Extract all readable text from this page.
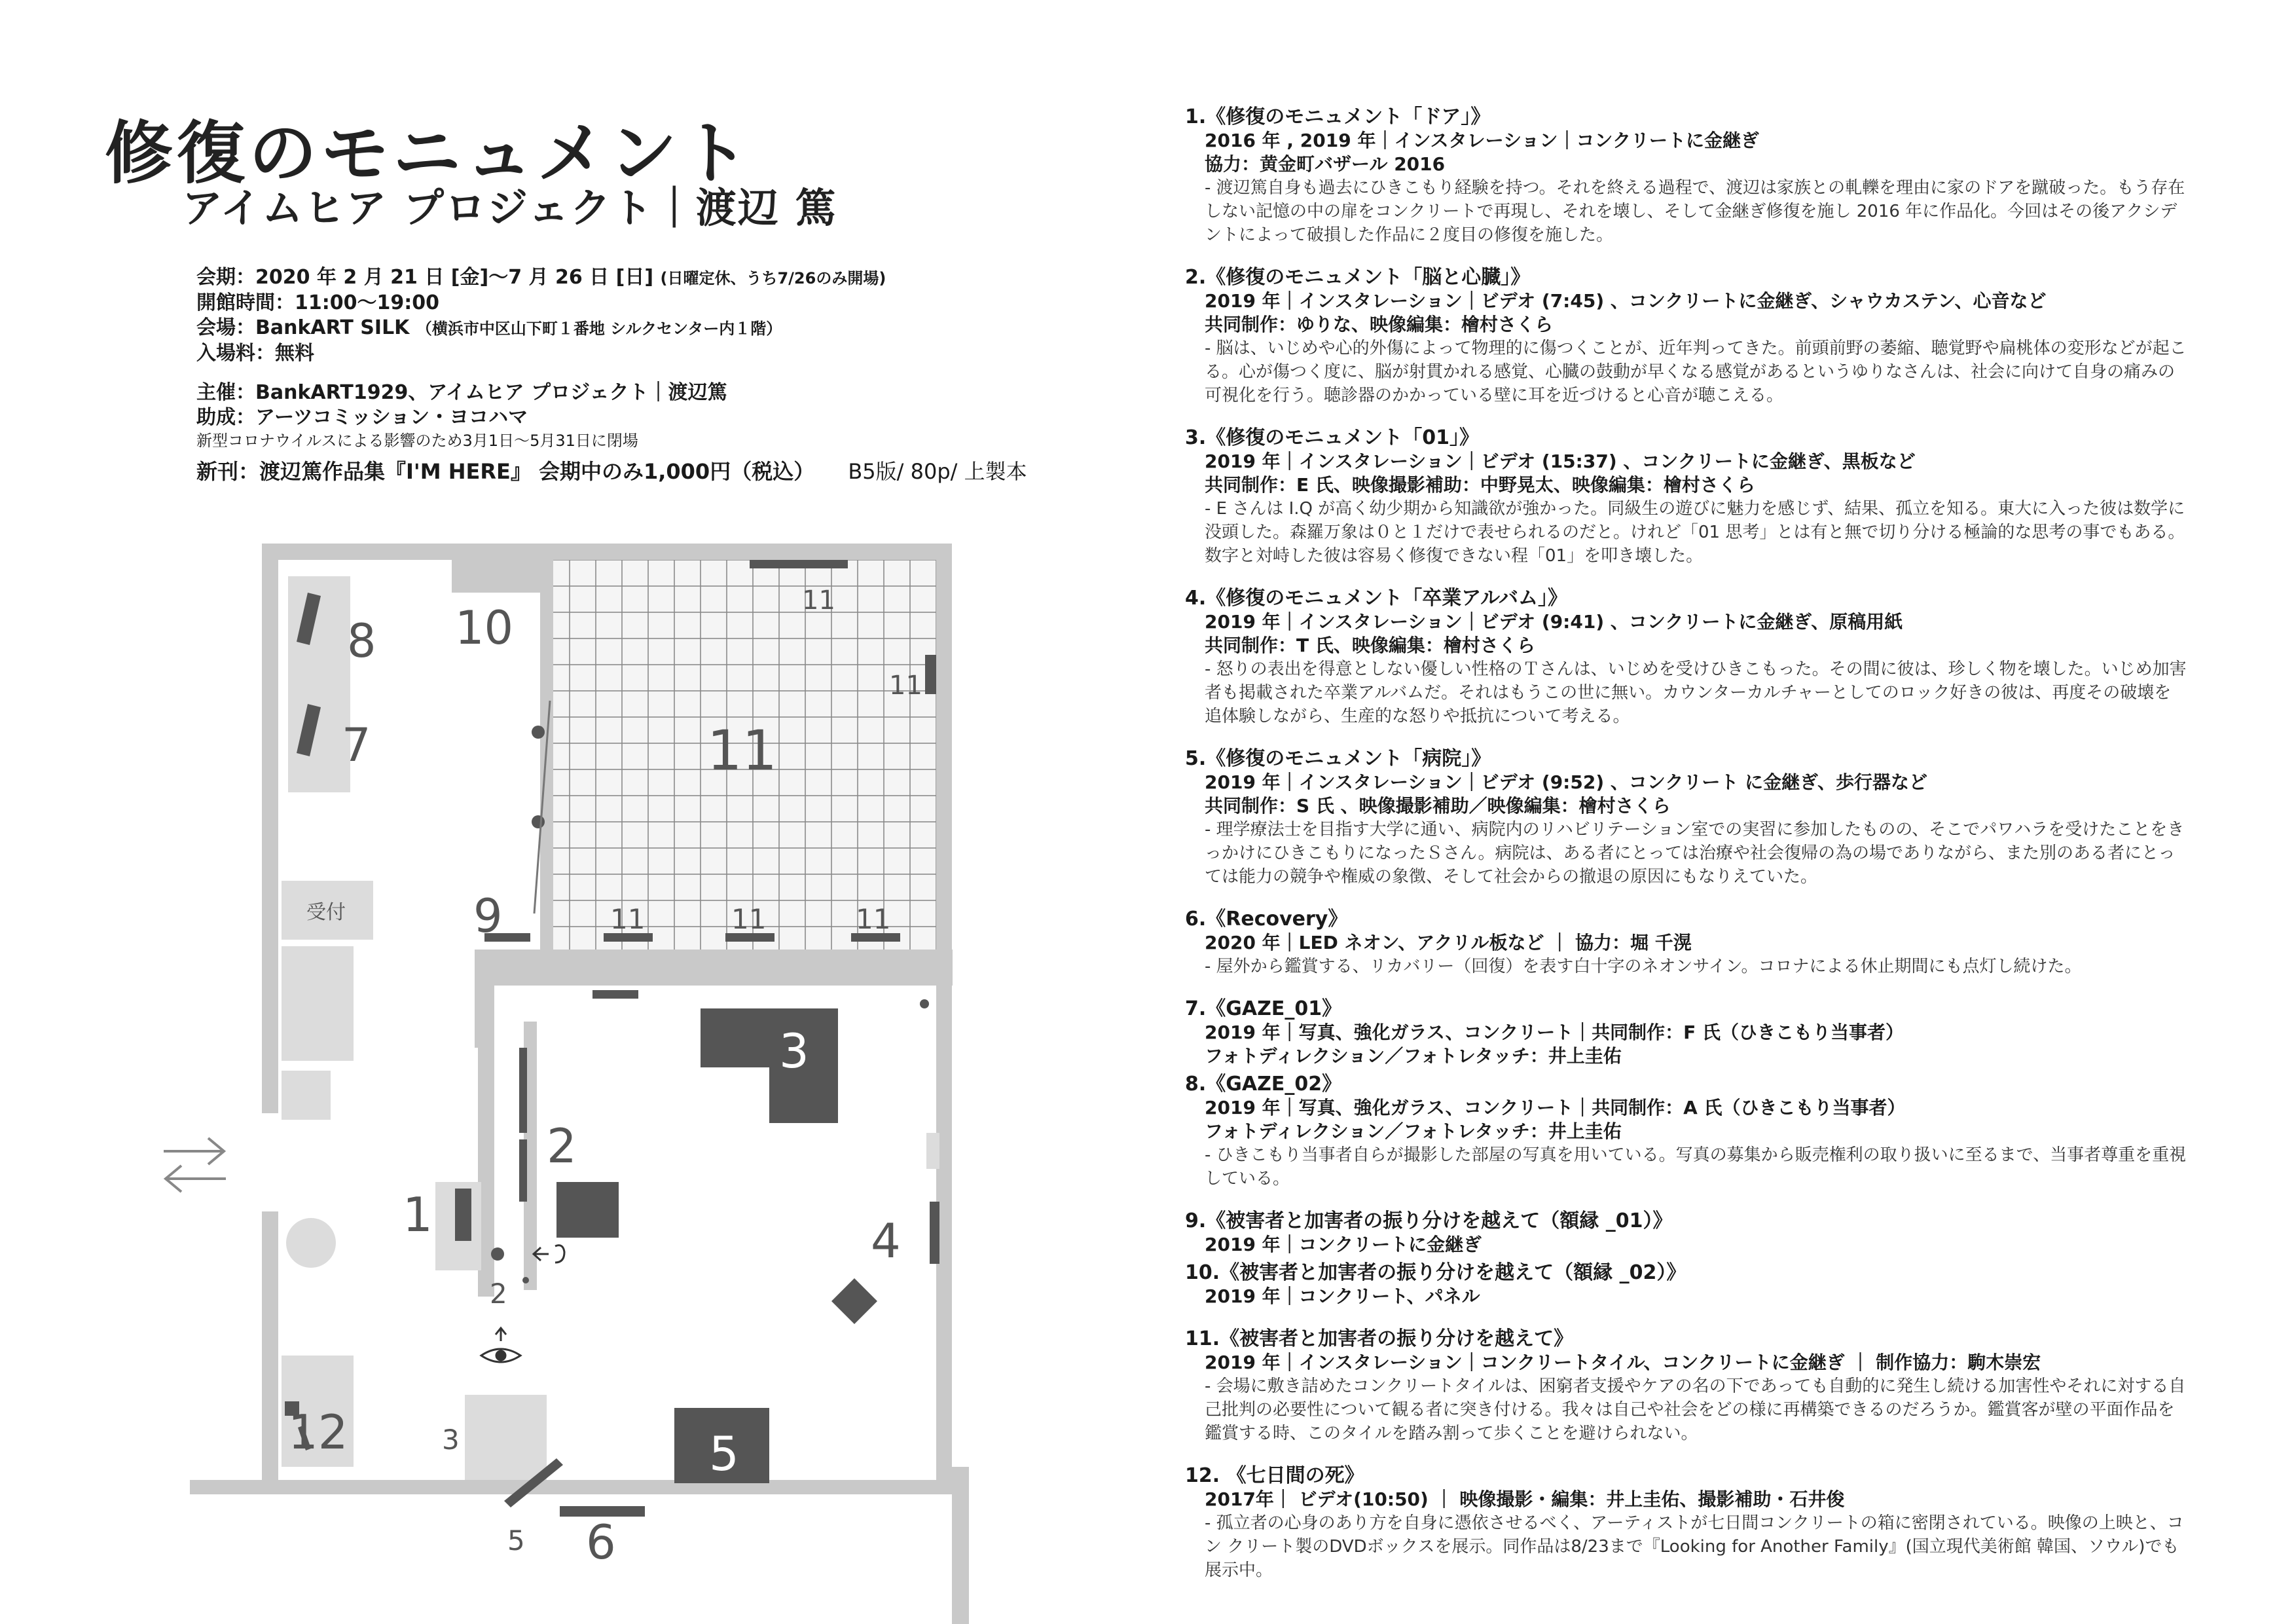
修復のモニュメント
アイムヒア プロジェクト｜渡辺 篤
会期：2020 年 2 月 21 日 [金]〜7 月 26 日 [日] (日曜定休、うち7/26のみ開場)
開館時間：11:00〜19:00
会場：BankART SILK （横浜市中区山下町１番地 シルクセンター内１階）
入場料：無料
主催：BankART1929、アイムヒア プロジェクト｜渡辺篤
助成：アーツコミッション・ヨコハマ
新型コロナウイルスによる影響のため3月1日〜5月31日に閉場
新刊：渡辺篤作品集『I'M HERE』 会期中のみ1,000円（税込） B5版/ 80p/ 上製本
受付
8
7
10
11
11
11
9	11	11	11
3
2
1	4
2
12	3	5
5 6
1.《修復のモニュメント「ドア」》
2016 年 , 2019 年｜インスタレーション｜コンクリートに金継ぎ
協力：黄金町バザール 2016
- 渡辺篤自身も過去にひきこもり経験を持つ。それを終える過程で、渡辺は家族との軋轢を理由に家のドアを蹴破った。もう存在しない記憶の中の扉をコンクリートで再現し、それを壊し、そして金継ぎ修復を施し 2016 年に作品化。今回はその後アクシデントによって破損した作品に２度目の修復を施した。
2.《修復のモニュメント「脳と心臓」》
2019 年｜インスタレーション｜ビデオ (7:45) 、コンクリートに金継ぎ、シャウカステン、心音など
共同制作：ゆりな、映像編集：檜村さくら
- 脳は、いじめや心的外傷によって物理的に傷つくことが、近年判ってきた。前頭前野の萎縮、聴覚野や扁桃体の変形などが起こる。心が傷つく度に、脳が射貫かれる感覚、心臓の鼓動が早くなる感覚があるというゆりなさんは、社会に向けて自身の痛みの可視化を行う。聴診器のかかっている壁に耳を近づけると心音が聴こえる。
3.《修復のモニュメント「01」》
2019 年｜インスタレーション｜ビデオ (15:37) 、コンクリートに金継ぎ、黒板など
共同制作：E 氏、映像撮影補助：中野晃太、映像編集：檜村さくら
- E さんは I.Q が高く幼少期から知識欲が強かった。同級生の遊びに魅力を感じず、結果、孤立を知る。東大に入った彼は数学に没頭した。森羅万象は０と１だけで表せられるのだと。けれど「01 思考」とは有と無で切り分ける極論的な思考の事でもある。数字と対峙した彼は容易く修復できない程「01」を叩き壊した。
4.《修復のモニュメント「卒業アルバム」》
2019 年｜インスタレーション｜ビデオ (9:41) 、コンクリートに金継ぎ、原稿用紙
共同制作：T 氏、映像編集：檜村さくら
- 怒りの表出を得意としない優しい性格のＴさんは、いじめを受けひきこもった。その間に彼は、珍しく物を壊した。いじめ加害者も掲載された卒業アルバムだ。それはもうこの世に無い。カウンターカルチャーとしてのロック好きの彼は、再度その破壊を追体験しながら、生産的な怒りや抵抗について考える。
5.《修復のモニュメント「病院」》
2019 年｜インスタレーション｜ビデオ (9:52) 、コンクリート に金継ぎ、歩行器など
共同制作：S 氏 、映像撮影補助／映像編集：檜村さくら
- 理学療法士を目指す大学に通い、病院内のリハビリテーション室での実習に参加したものの、そこでパワハラを受けたことをきっかけにひきこもりになったＳさん。病院は、ある者にとっては治療や社会復帰の為の場でありながら、また別のある者にとっては能力の競争や権威の象徴、そして社会からの撤退の原因にもなりえていた。
6.《Recovery》
2020 年｜LED ネオン、アクリル板など ｜ 協力：堀 千滉
- 屋外から鑑賞する、リカバリー（回復）を表す白十字のネオンサイン。コロナによる休止期間にも点灯し続けた。
7.《GAZE_01》
2019 年｜写真、強化ガラス、コンクリート｜共同制作：F 氏（ひきこもり当事者）
フォトディレクション／フォトレタッチ：井上圭佑
8.《GAZE_02》
2019 年｜写真、強化ガラス、コンクリート｜共同制作：A 氏（ひきこもり当事者）
フォトディレクション／フォトレタッチ：井上圭佑
- ひきこもり当事者自らが撮影した部屋の写真を用いている。写真の募集から販売権利の取り扱いに至るまで、当事者尊重を重視している。
9.《被害者と加害者の振り分けを越えて（額縁 _01）》
2019 年｜コンクリートに金継ぎ
10.《被害者と加害者の振り分けを越えて（額縁 _02）》
2019 年｜コンクリート、パネル
11.《被害者と加害者の振り分けを越えて》
2019 年｜インスタレーション｜コンクリートタイル、コンクリートに金継ぎ ｜ 制作協力：駒木崇宏
- 会場に敷き詰めたコンクリートタイルは、困窮者支援やケアの名の下であっても自動的に発生し続ける加害性やそれに対する自己批判の必要性について観る者に突き付ける。我々は自己や社会をどの様に再構築できるのだろうか。鑑賞客が壁の平面作品を鑑賞する時、このタイルを踏み割って歩くことを避けられない。
12. 《七日間の死》
2017年｜ ビデオ(10:50) ｜ 映像撮影・編集：井上圭佑、撮影補助・石井俊
- 孤立者の心身のあり方を自身に憑依させるべく、アーティストが七日間コンクリートの箱に密閉されている。映像の上映と、コン クリート製のDVDボックスを展示。同作品は8/23まで『Looking for Another Family』(国立現代美術館 韓国、ソウル)でも展示中。
